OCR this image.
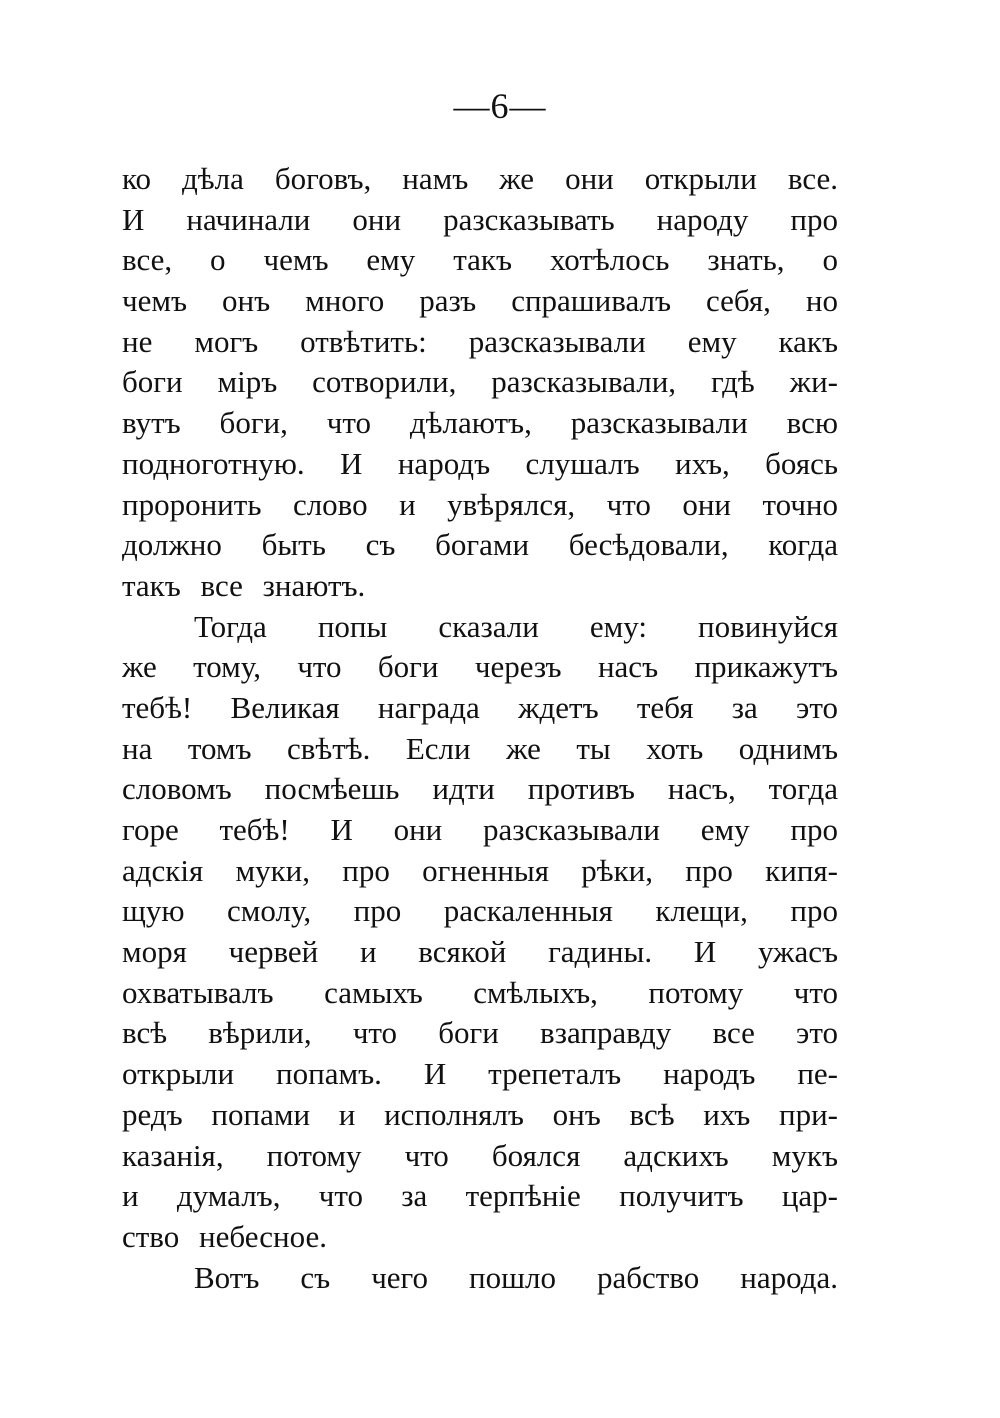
—6—
ко дѣла боговъ, намъ же они открыли все.
И начинали они разсказывать народу про
все, о чемъ ему такъ хотѣлось знать, о
чемъ онъ много разъ спрашивалъ себя, но
не могъ отвѣтить: разсказывали ему какъ
боги міръ сотворили, разсказывали, гдѣ жи-
вутъ боги, что дѣлаютъ, разсказывали всю
подноготную. И народъ слушалъ ихъ, боясь
проронить слово и увѣрялся, что они точно
должно быть съ богами бесѣдовали, когда
такъ все знаютъ.
Тогда попы сказали ему: повинуйся
же тому, что боги черезъ насъ прикажутъ
тебѣ! Великая награда ждетъ тебя за это
на томъ свѣтѣ. Если же ты хоть однимъ
словомъ посмѣешь идти противъ насъ, тогда
горе тебѣ! И они разсказывали ему про
адскія муки, про огненныя рѣки, про кипя-
щую смолу, про раскаленныя клещи, про
моря червей и всякой гадины. И ужасъ
охватывалъ самыхъ смѣлыхъ, потому что
всѣ вѣрили, что боги взаправду все это
открыли попамъ. И трепеталъ народъ пе-
редъ попами и исполнялъ онъ всѣ ихъ при-
казанія, потому что боялся адскихъ мукъ
и думалъ, что за терпѣніе получитъ цар-
ство небесное.
Вотъ съ чего пошло рабство народа.
